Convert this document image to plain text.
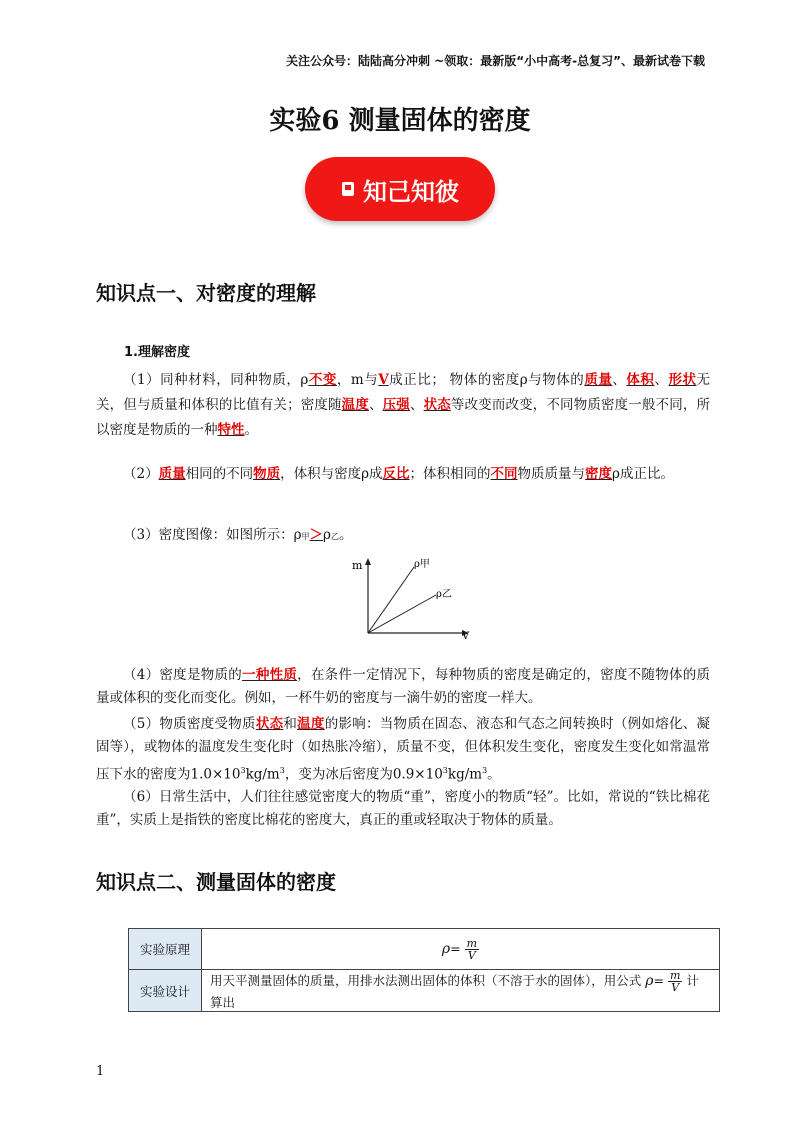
关注公众号：陆陆高分冲刺 ~领取：最新版“小中高考-总复习”、最新试卷下载
实验6 测量固体的密度
知己知彼
知识点一、对密度的理解
1.理解密度
（1）同种材料，同种物质，ρ不变，m与V成正比； 物体的密度ρ与物体的质量、体积、形状无关，但与质量和体积的比值有关；密度随温度、压强、状态等改变而改变，不同物质密度一般不同，所以密度是物质的一种特性。
（2）质量相同的不同物质，体积与密度ρ成反比；体积相同的不同物质质量与密度ρ成正比。
（3）密度图像：如图所示：ρ甲＞ρ乙。
m
V
ρ甲
ρ乙
（4）密度是物质的一种性质，在条件一定情况下，每种物质的密度是确定的，密度不随物体的质量或体积的变化而变化。例如，一杯牛奶的密度与一滴牛奶的密度一样大。
（5）物质密度受物质状态和温度的影响：当物质在固态、液态和气态之间转换时（例如熔化、凝固等），或物体的温度发生变化时（如热胀冷缩），质量不变，但体积发生变化，密度发生变化如常温常压下水的密度为$1.0\times 10^3kg/m^3$，变为冰后密度为$0.9\times 10^3kg/m^3$。
（6）日常生活中，人们往往感觉密度大的物质“重”，密度小的物质“轻”。比如，常说的“铁比棉花重”，实质上是指铁的密度比棉花的密度大，真正的重或轻取决于物体的质量。
知识点二、测量固体的密度
实验原理	$\rho= \frac{m}{V}$

实验设计	用天平测量固体的质量，用排水法测出固体的体积（不溶于水的固体），用公式 $\rho= \frac{m}{V}$ 计算出
1
